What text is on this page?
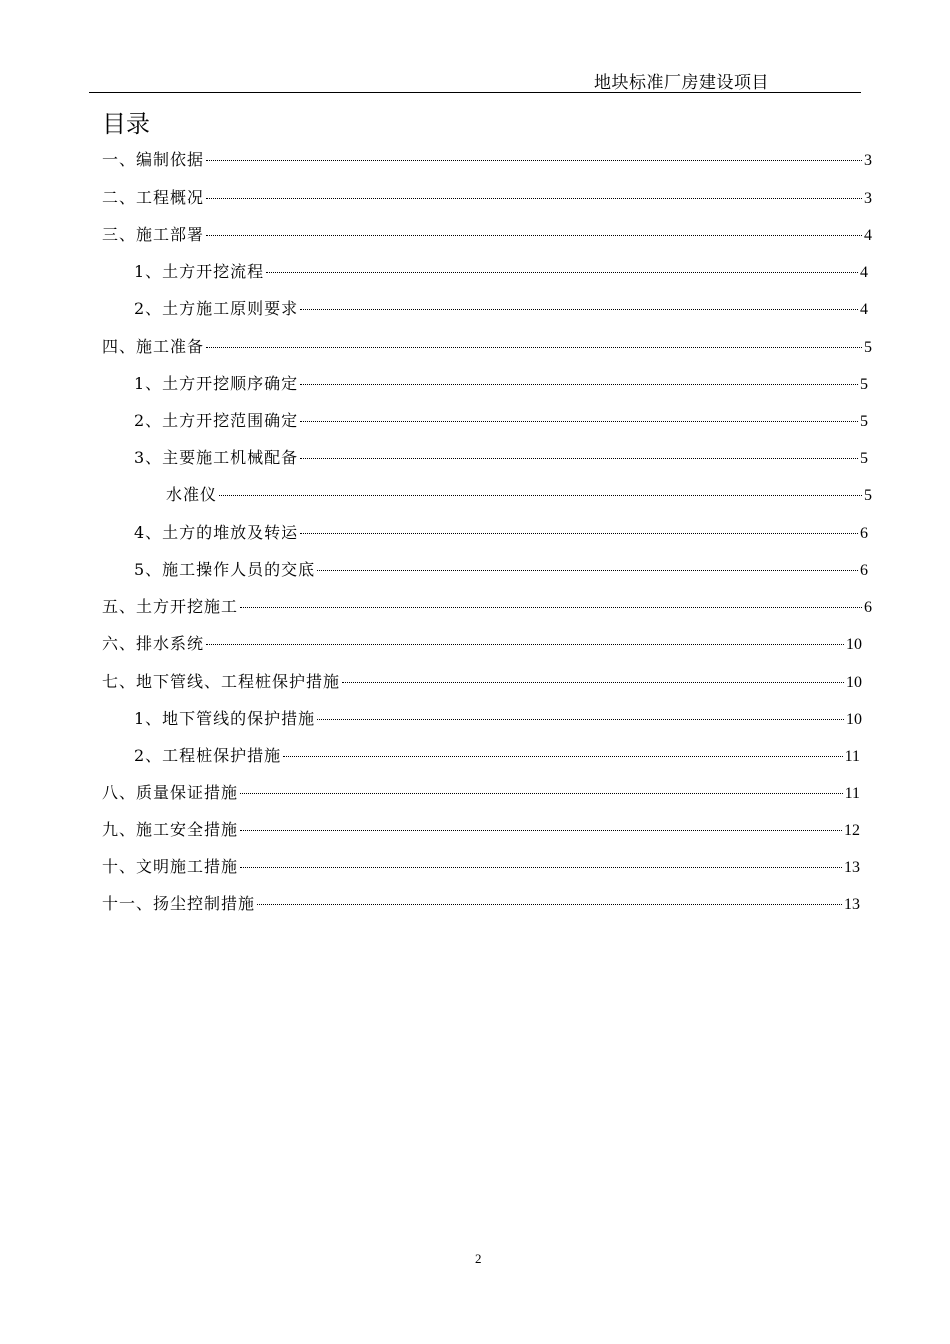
地块标准厂房建设项目
目录
一、编制依据	3
二、工程概况	3
三、施工部署	4
1、土方开挖流程	4
2、土方施工原则要求	4
四、施工准备	5
1、土方开挖顺序确定	5
2、土方开挖范围确定	5
3、主要施工机械配备	5
水准仪	5
4、土方的堆放及转运	6
5、施工操作人员的交底	6
五、土方开挖施工	6
六、排水系统	10
七、地下管线、工程桩保护措施	10
1、地下管线的保护措施	10
2、工程桩保护措施	11
八、质量保证措施	11
九、施工安全措施	12
十、文明施工措施	13
十一、扬尘控制措施	13
2
